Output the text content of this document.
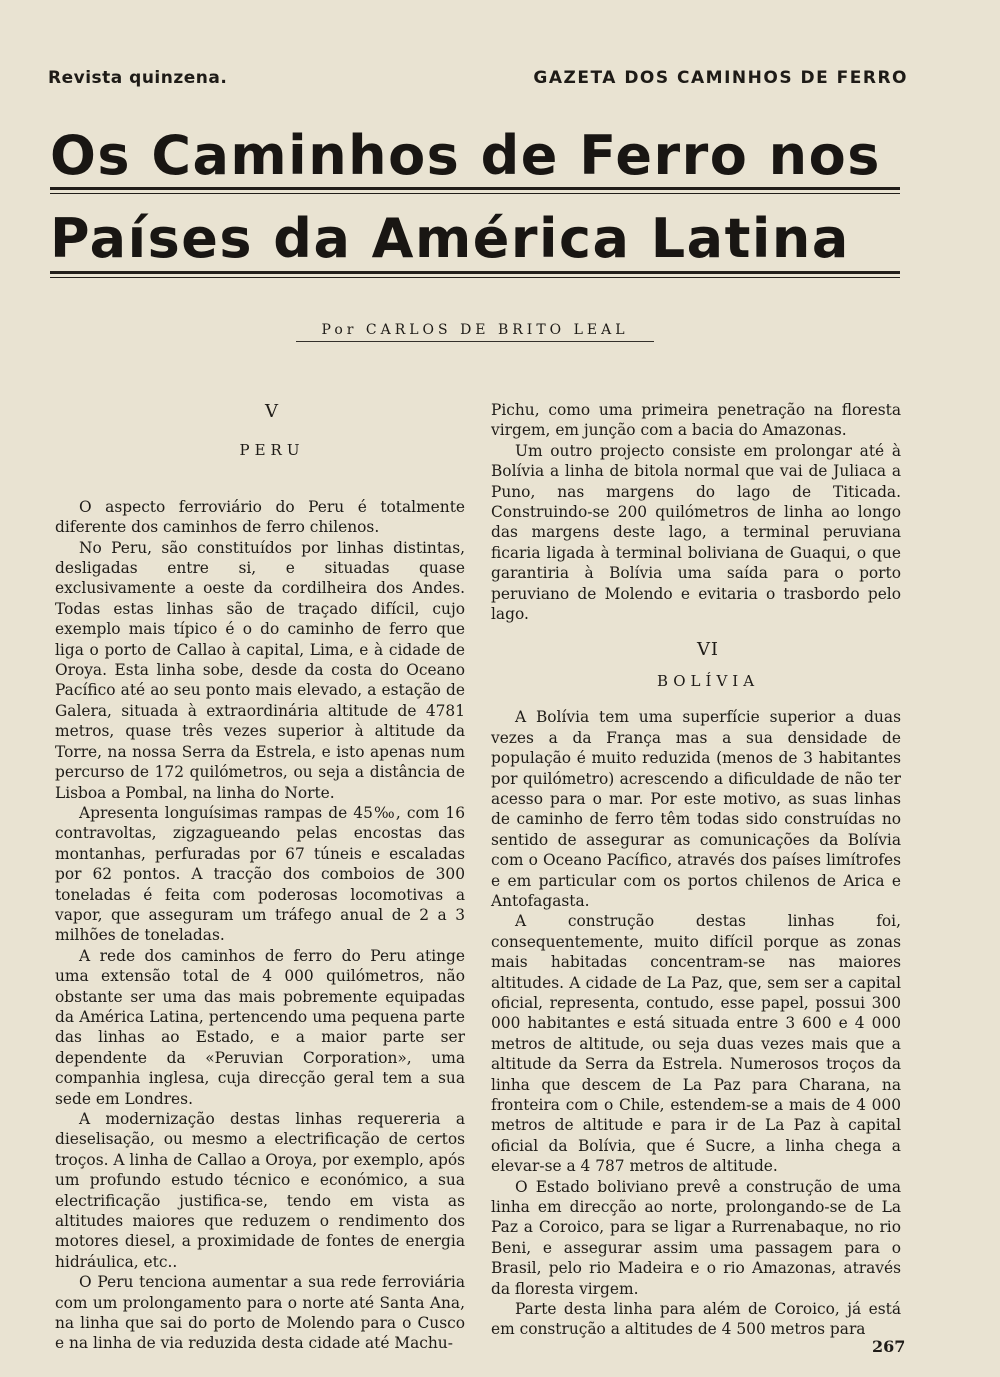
Revista quinzena.	GAZETA DOS CAMINHOS DE FERRO
Os Caminhos de Ferro nos
Países da América Latina
Por CARLOS DE BRITO LEAL

V

PERU

O aspecto ferroviário do Peru é totalmente diferente dos caminhos de ferro chilenos.

No Peru, são constituídos por linhas distintas, desligadas entre si, e situadas quase exclusivamente a oeste da cordilheira dos Andes. Todas estas linhas são de traçado difícil, cujo exemplo mais típico é o do caminho de ferro que liga o porto de Callao à capital, Lima, e à cidade de Oroya. Esta linha sobe, desde da costa do Oceano Pacífico até ao seu ponto mais elevado, a estação de Galera, situada à extraordinária altitude de 4781 metros, quase três vezes superior à altitude da Torre, na nossa Serra da Estrela, e isto apenas num percurso de 172 quilómetros, ou seja a distância de Lisboa a Pombal, na linha do Norte.

Apresenta longuísimas rampas de 45‰, com 16 contravoltas, zigzagueando pelas encostas das montanhas, perfuradas por 67 túneis e escaladas por 62 pontos. A tracção dos comboios de 300 toneladas é feita com poderosas locomotivas a vapor, que asseguram um tráfego anual de 2 a 3 milhões de toneladas.

A rede dos caminhos de ferro do Peru atinge uma extensão total de 4 000 quilómetros, não obstante ser uma das mais pobremente equipadas da América Latina, pertencendo uma pequena parte das linhas ao Estado, e a maior parte ser dependente da «Peruvian Corporation», uma companhia inglesa, cuja direcção geral tem a sua sede em Londres.

A modernização destas linhas requereria a dieselisação, ou mesmo a electrificação de certos troços. A linha de Callao a Oroya, por exemplo, após um profundo estudo técnico e económico, a sua electrificação justifica-se, tendo em vista as altitudes maiores que reduzem o rendimento dos motores diesel, a proximidade de fontes de energia hidráulica, etc..

O Peru tenciona aumentar a sua rede ferroviária com um prolongamento para o norte até Santa Ana, na linha que sai do porto de Molendo para o Cusco e na linha de via reduzida desta cidade até Machu-

Pichu, como uma primeira penetração na floresta virgem, em junção com a bacia do Amazonas.

Um outro projecto consiste em prolongar até à Bolívia a linha de bitola normal que vai de Juliaca a Puno, nas margens do lago de Titicada. Construindo-se 200 quilómetros de linha ao longo das margens deste lago, a terminal peruviana ficaria ligada à terminal boliviana de Guaqui, o que garantiria à Bolívia uma saída para o porto peruviano de Molendo e evitaria o trasbordo pelo lago.

VI

BOLÍVIA

A Bolívia tem uma superfície superior a duas vezes a da França mas a sua densidade de população é muito reduzida (menos de 3 habitantes por quilómetro) acrescendo a dificuldade de não ter acesso para o mar. Por este motivo, as suas linhas de caminho de ferro têm todas sido construídas no sentido de assegurar as comunicações da Bolívia com o Oceano Pacífico, através dos países limítrofes e em particular com os portos chilenos de Arica e Antofagasta.

A construção destas linhas foi, consequentemente, muito difícil porque as zonas mais habitadas concentram-se nas maiores altitudes. A cidade de La Paz, que, sem ser a capital oficial, representa, contudo, esse papel, possui 300 000 habitantes e está situada entre 3 600 e 4 000 metros de altitude, ou seja duas vezes mais que a altitude da Serra da Estrela. Numerosos troços da linha que descem de La Paz para Charana, na fronteira com o Chile, estendem-se a mais de 4 000 metros de altitude e para ir de La Paz à capital oficial da Bolívia, que é Sucre, a linha chega a elevar-se a 4 787 metros de altitude.

O Estado boliviano prevê a construção de uma linha em direcção ao norte, prolongando-se de La Paz a Coroico, para se ligar a Rurrenabaque, no rio Beni, e assegurar assim uma passagem para o Brasil, pelo rio Madeira e o rio Amazonas, através da floresta virgem.

Parte desta linha para além de Coroico, já está em construção a altitudes de 4 500 metros para

267
